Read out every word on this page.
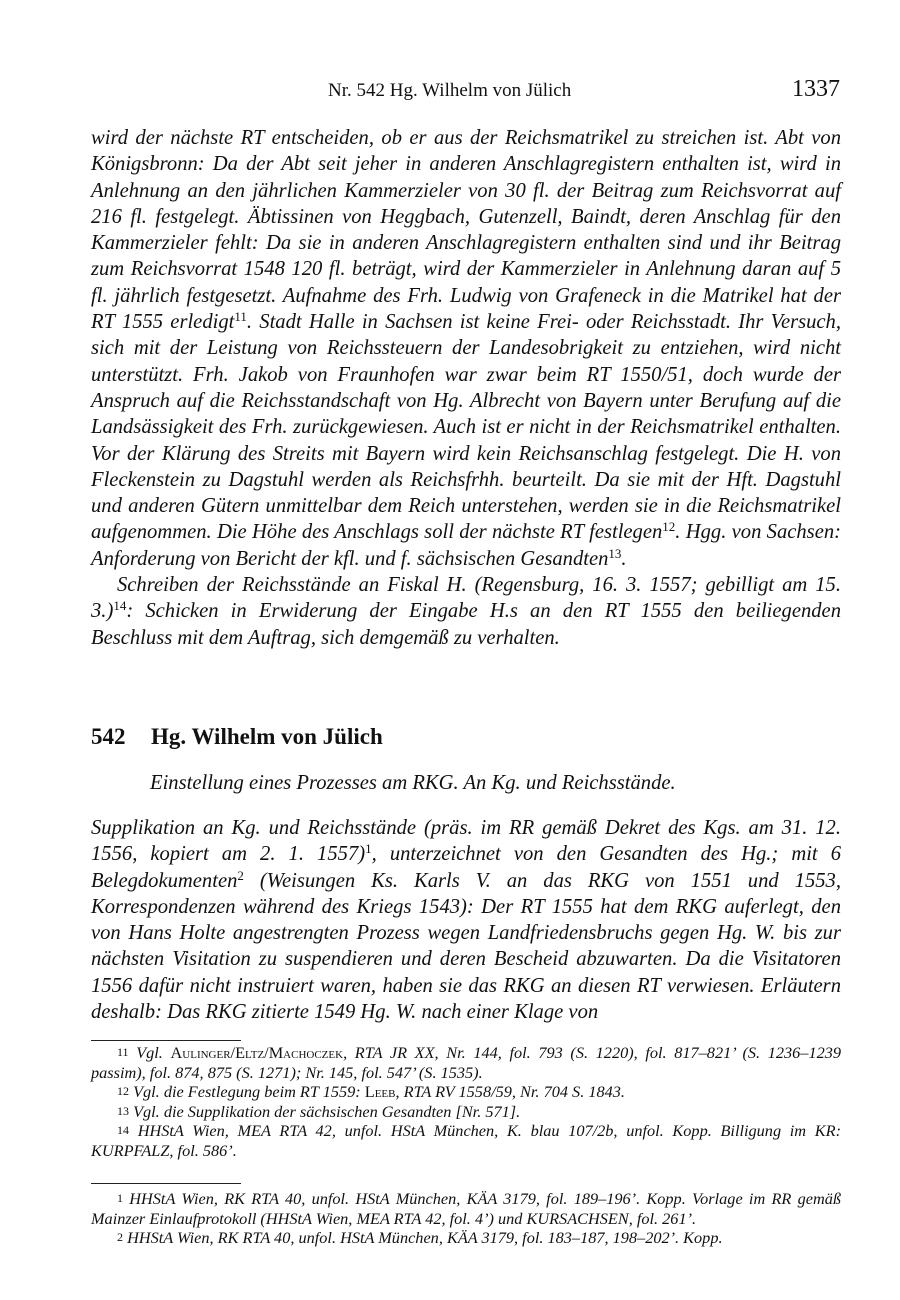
Nr. 542 Hg. Wilhelm von Jülich	1337

wird der nächste RT entscheiden, ob er aus der Reichsmatrikel zu streichen ist. Abt von Königsbronn: Da der Abt seit jeher in anderen Anschlagregistern enthalten ist, wird in Anlehnung an den jährlichen Kammerzieler von 30 fl. der Beitrag zum Reichsvorrat auf 216 fl. festgelegt. Äbtissinen von Heggbach, Gutenzell, Baindt, deren Anschlag für den Kammerzieler fehlt: Da sie in anderen Anschlagregistern enthalten sind und ihr Beitrag zum Reichsvorrat 1548 120 fl. beträgt, wird der Kammerzieler in Anlehnung daran auf 5 fl. jährlich festgesetzt. Aufnahme des Frh. Ludwig von Grafeneck in die Matrikel hat der RT 1555 erledigt$^{11}$. Stadt Halle in Sachsen ist keine Frei- oder Reichsstadt. Ihr Versuch, sich mit der Leistung von Reichssteuern der Landesobrigkeit zu entziehen, wird nicht unterstützt. Frh. Jakob von Fraunhofen war zwar beim RT 1550/51, doch wurde der Anspruch auf die Reichsstandschaft von Hg. Albrecht von Bayern unter Berufung auf die Landsässigkeit des Frh. zurückgewiesen. Auch ist er nicht in der Reichsmatrikel enthalten. Vor der Klärung des Streits mit Bayern wird kein Reichsanschlag festgelegt. Die H. von Fleckenstein zu Dagstuhl werden als Reichsfrhh. beurteilt. Da sie mit der Hft. Dagstuhl und anderen Gütern unmittelbar dem Reich unterstehen, werden sie in die Reichsmatrikel aufgenommen. Die Höhe des Anschlags soll der nächste RT festlegen$^{12}$. Hgg. von Sachsen: Anforderung von Bericht der kfl. und f. sächsischen Gesandten$^{13}$.

Schreiben der Reichsstände an Fiskal H. (Regensburg, 16. 3. 1557; gebilligt am 15. 3.)$^{14}$: Schicken in Erwiderung der Eingabe H.s an den RT 1555 den beiliegenden Beschluss mit dem Auftrag, sich demgemäß zu verhalten.

542 Hg. Wilhelm von Jülich
Einstellung eines Prozesses am RKG. An Kg. und Reichsstände.

Supplikation an Kg. und Reichsstände (präs. im RR gemäß Dekret des Kgs. am 31. 12. 1556, kopiert am 2. 1. 1557)$^1$, unterzeichnet von den Gesandten des Hg.; mit 6 Belegdokumenten$^2$ (Weisungen Ks. Karls V. an das RKG von 1551 und 1553, Korrespondenzen während des Kriegs 1543): Der RT 1555 hat dem RKG auferlegt, den von Hans Holte angestrengten Prozess wegen Landfriedensbruchs gegen Hg. W. bis zur nächsten Visitation zu suspendieren und deren Bescheid abzuwarten. Da die Visitatoren 1556 dafür nicht instruiert waren, haben sie das RKG an diesen RT verwiesen. Erläutern deshalb: Das RKG zitierte 1549 Hg. W. nach einer Klage von

11 Vgl. Aulinger/Eltz/Machoczek, RTA JR XX, Nr. 144, fol. 793 (S. 1220), fol. 817–821’ (S. 1236–1239 passim), fol. 874, 875 (S. 1271); Nr. 145, fol. 547’ (S. 1535).

12 Vgl. die Festlegung beim RT 1559: Leeb, RTA RV 1558/59, Nr. 704 S. 1843.

13 Vgl. die Supplikation der sächsischen Gesandten [Nr. 571].

14 HHStA Wien, MEA RTA 42, unfol. HStA München, K. blau 107/2b, unfol. Kopp. Billigung im KR: KURPFALZ, fol. 586’.

1 HHStA Wien, RK RTA 40, unfol. HStA München, KÄA 3179, fol. 189–196’. Kopp. Vorlage im RR gemäß Mainzer Einlaufprotokoll (HHStA Wien, MEA RTA 42, fol. 4’) und KURSACHSEN, fol. 261’.

2 HHStA Wien, RK RTA 40, unfol. HStA München, KÄA 3179, fol. 183–187, 198–202’. Kopp.
